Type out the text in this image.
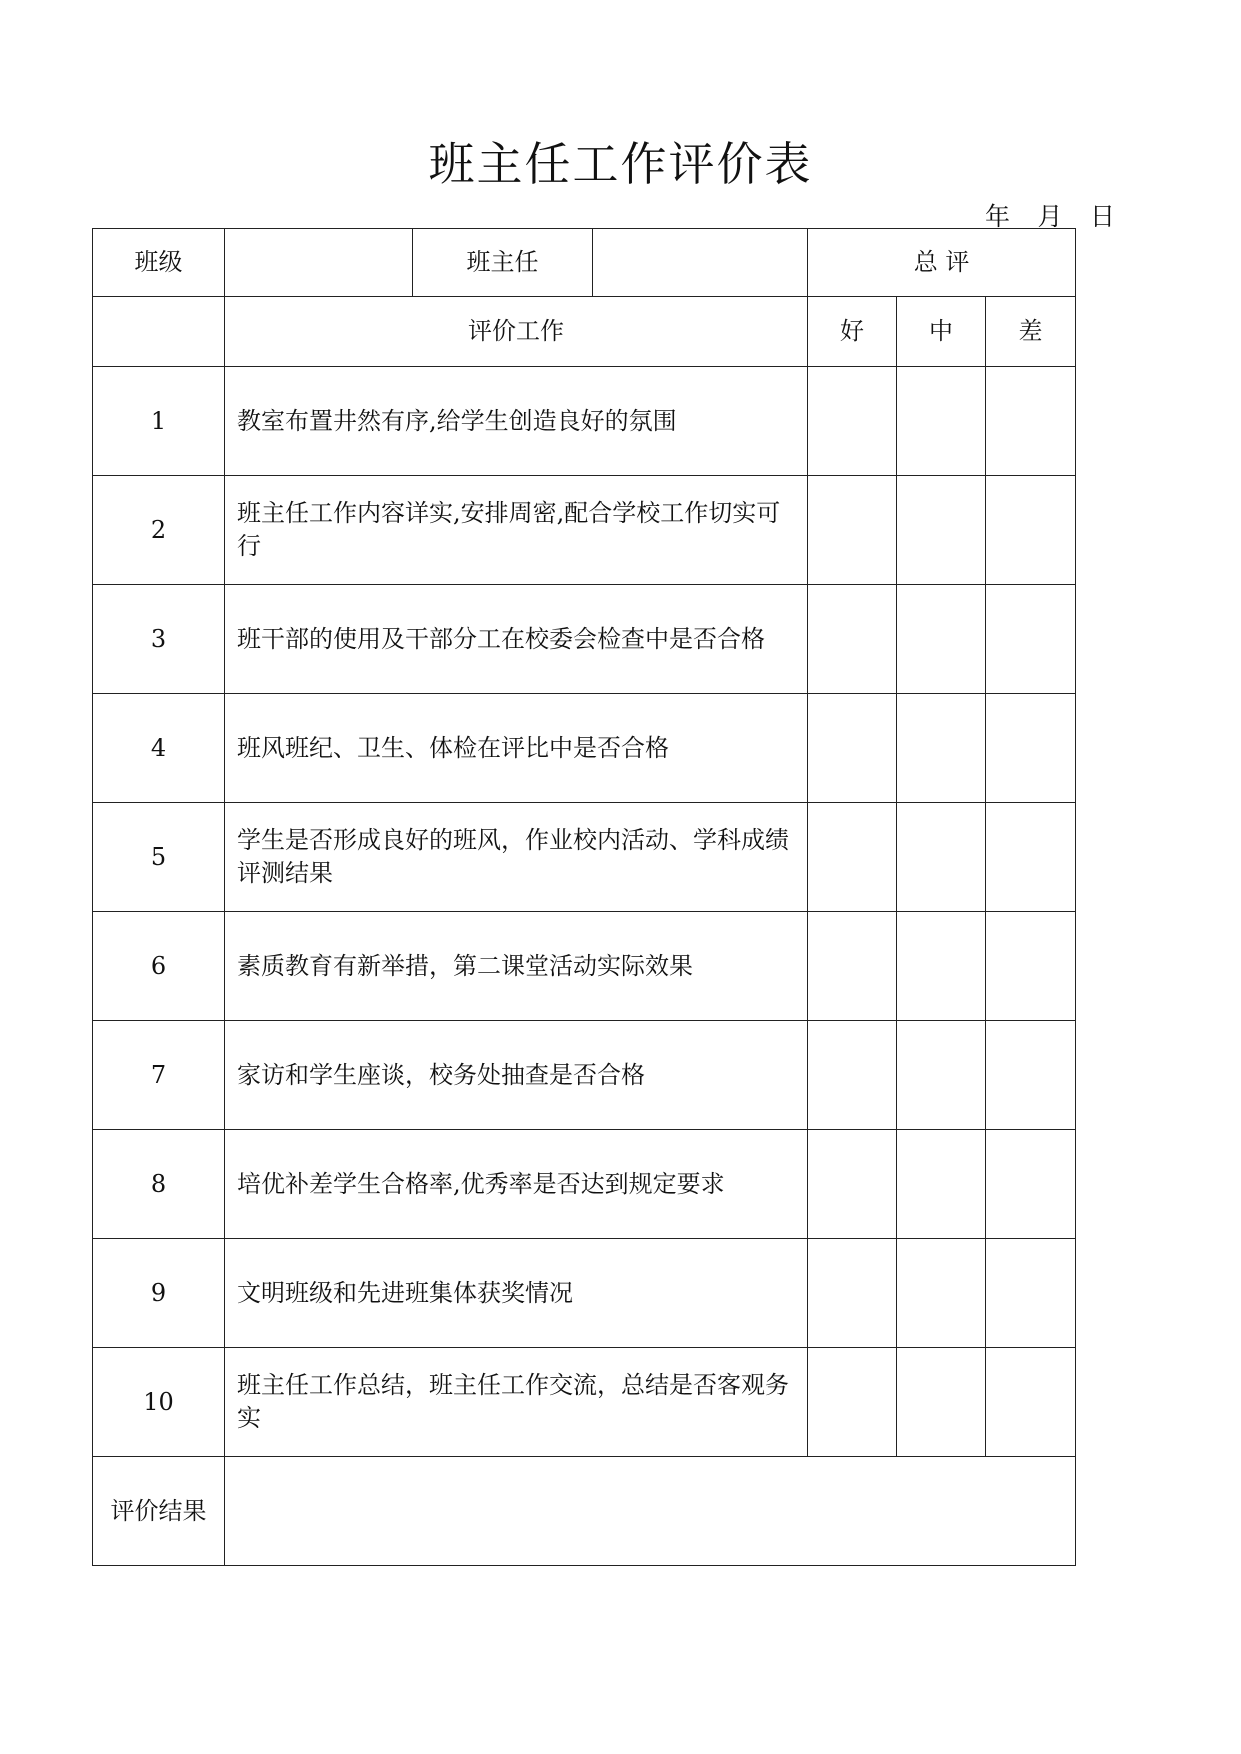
班主任工作评价表
年 月 日
班级		班主任		总 评		
	评价工作			好	中	差
1	教室布置井然有序,给学生创造良好的氛围					
2	班主任工作内容详实,安排周密,配合学校工作切实可行					
3	班干部的使用及干部分工在校委会检查中是否合格					
4	班风班纪、卫生、体检在评比中是否合格					
5	学生是否形成良好的班风，作业校内活动、学科成绩评测结果					
6	素质教育有新举措，第二课堂活动实际效果					
7	家访和学生座谈，校务处抽查是否合格					
8	培优补差学生合格率,优秀率是否达到规定要求					
9	文明班级和先进班集体获奖情况					
10	班主任工作总结，班主任工作交流，总结是否客观务实					
评价结果						
